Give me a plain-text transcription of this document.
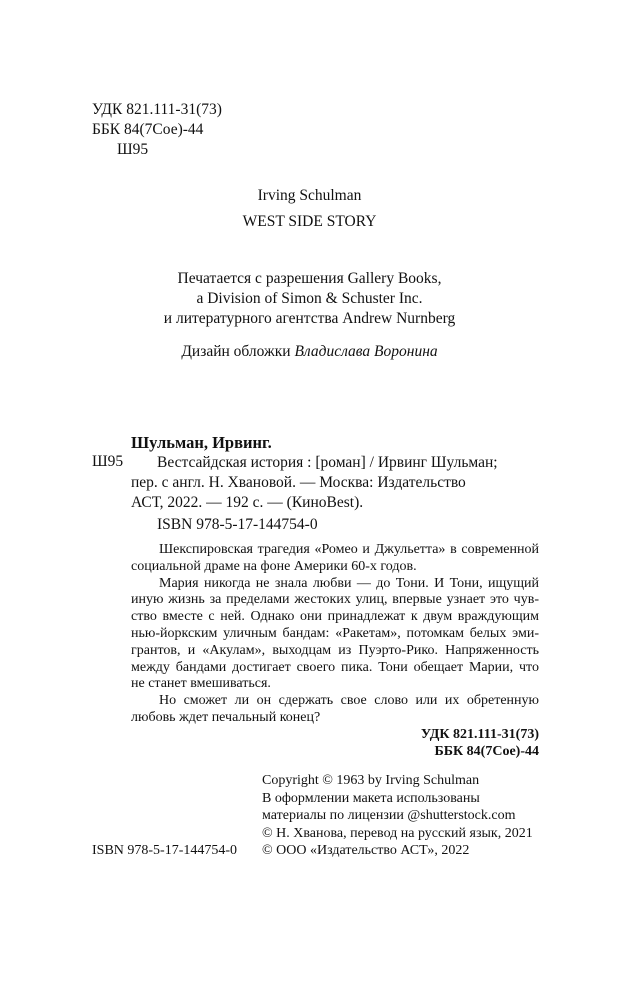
УДК 821.111-31(73)
ББК 84(7Сое)-44
Ш95
Irving Schulman
WEST SIDE STORY
Печатается с разрешения Gallery Books,
a Division of Simon & Schuster Inc.
и литературного агентства Andrew Nurnberg
Дизайн обложки Владислава Воронина
Шульман, Ирвинг.
Ш95	Вестсайдская история : [роман] / Ирвинг Шульман;
пер. с англ. Н. Хвановой. — Москва: Издательство
АСТ, 2022. — 192 с. — (КиноBest).
ISBN 978-5-17-144754-0
Шекспировская трагедия «Ромео и Джульетта» в современной
социальной драме на фоне Америки 60-х годов.
Мария никогда не знала любви — до Тони. И Тони, ищущий
иную жизнь за пределами жестоких улиц, впервые узнает это чув-
ство вместе с ней. Однако они принадлежат к двум враждующим
нью-йоркским уличным бандам: «Ракетам», потомкам белых эми-
грантов, и «Акулам», выходцам из Пуэрто-Рико. Напряженность
между бандами достигает своего пика. Тони обещает Марии, что
не станет вмешиваться.
Но сможет ли он сдержать свое слово или их обретенную
любовь ждет печальный конец?
УДК 821.111-31(73)
ББК 84(7Сое)-44
Copyright © 1963 by Irving Schulman
В оформлении макета использованы
материалы по лицензии @shutterstock.com
© Н. Хванова, перевод на русский язык, 2021
© ООО «Издательство АСТ», 2022
ISBN 978-5-17-144754-0
